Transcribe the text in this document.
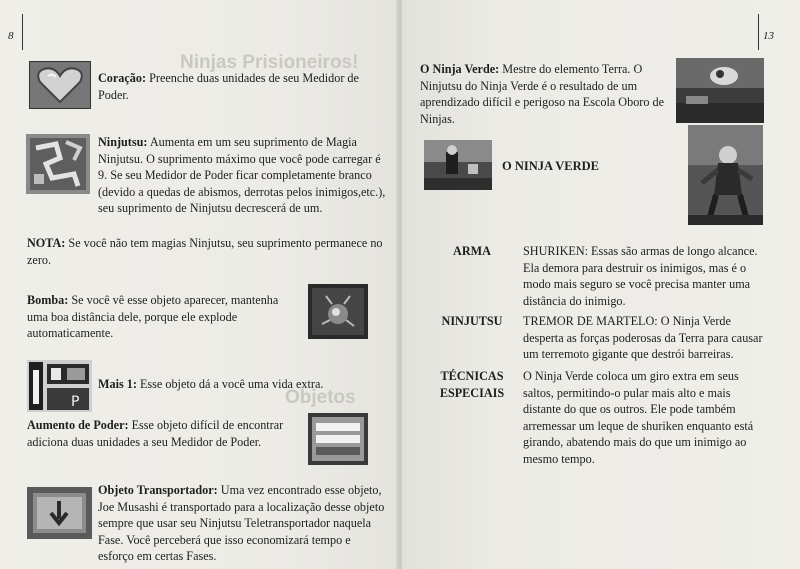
8
Ninjas Prisioneiros!
Objetos

Coração: Preenche duas unidades de seu Medidor de Poder.

Ninjutsu: Aumenta em um seu suprimento de Magia Ninjutsu. O suprimento máximo que você pode carregar é 9. Se seu Medidor de Poder ficar completamente branco (devido a quedas de abismos, derrotas pelos inimigos,etc.), seu suprimento de Ninjutsu decrescerá de um.

NOTA: Se você não tem magias Ninjutsu, seu suprimento permanece no zero.

Bomba: Se você vê esse objeto aparecer, mantenha uma boa distância dele, porque ele explode automaticamente.

P

Mais 1: Esse objeto dá a você uma vida extra.

Aumento de Poder: Esse objeto difícil de encontrar adiciona duas unidades a seu Medidor de Poder.

Objeto Transportador: Uma vez encontrado esse objeto, Joe Musashi é transportado para a localização desse objeto sempre que usar seu Ninjutsu Teletransportador naquela Fase. Você perceberá que isso economizará tempo e esforço em certas Fases.

13

O Ninja Verde: Mestre do elemento Terra. O Ninjutsu do Ninja Verde é o resultado de um aprendizado difícil e perigoso na Escola Oboro de Ninjas.

O NINJA VERDE
ARMA	SHURIKEN: Essas são armas de longo alcance. Ela demora para destruir os inimigos, mas é o modo mais seguro se você precisa manter uma distância do inimigo.

NINJUTSU	TREMOR DE MARTELO: O Ninja Verde desperta as forças poderosas da Terra para causar um terremoto gigante que destrói barreiras.

TÉCNICAS ESPECIAIS

O Ninja Verde coloca um giro extra em seus saltos, permitindo-o pular mais alto e mais distante do que os outros. Ele pode também arremessar um leque de shuriken enquanto está girando, abatendo mais do que um inimigo ao mesmo tempo.
